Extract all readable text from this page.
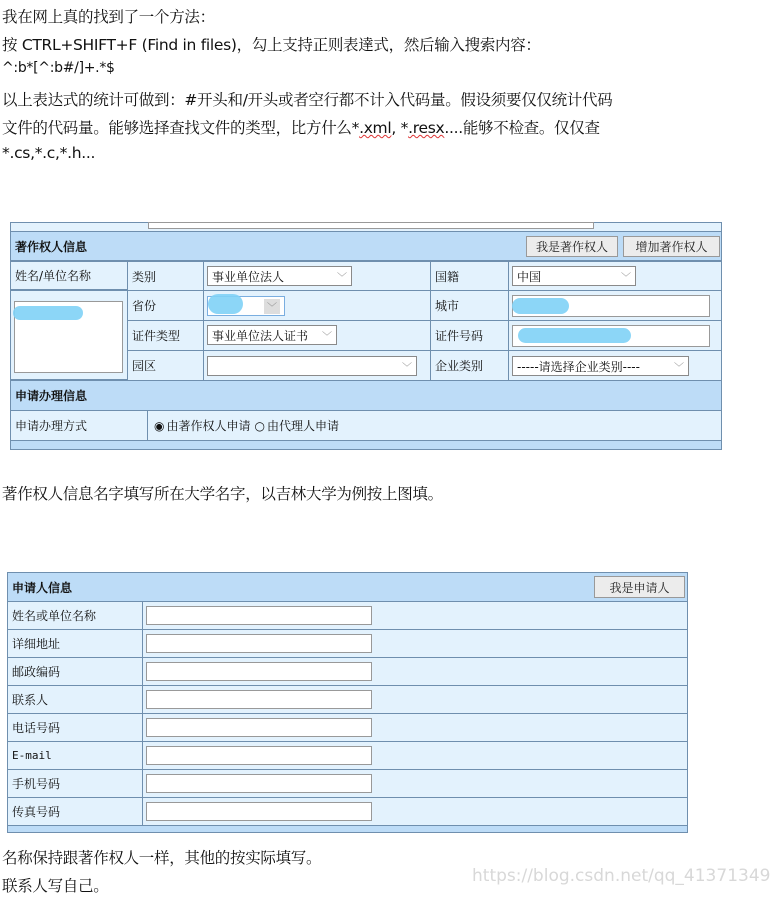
我在网上真的找到了一个方法：
按 CTRL+SHIFT+F (Find in files)，勾上支持正则表達式，然后输入搜索内容：
^:b*[^:b#/]+.*$
以上表达式的统计可做到：#开头和/开头或者空行都不计入代码量。假设须要仅仅统计代码
文件的代码量。能够选择查找文件的类型，比方什么*.xml, *.resx....能够不检查。仅仅查
*.cs,*.c,*.h...
著作权人信息	我是著作权人	增加著作权人
姓名/单位名称	类别	事业单位法人	﹀	国籍	中国	﹀
省份	﹀	城市
证件类型	事业单位法人证书 ﹀	证件号码
园区	﹀	企业类别	-----请选择企业类别----	﹀
申请办理信息
申请办理方式	◉ 由著作权人申请 ○ 由代理人申请
著作权人信息名字填写所在大学名字，以吉林大学为例按上图填。
申请人信息	我是申请人
姓名或单位名称
详细地址
邮政编码
联系人
电话号码
E-mail
手机号码
传真号码
名称保持跟著作权人一样，其他的按实际填写。
联系人写自己。	https://blog.csdn.net/qq_41371349
